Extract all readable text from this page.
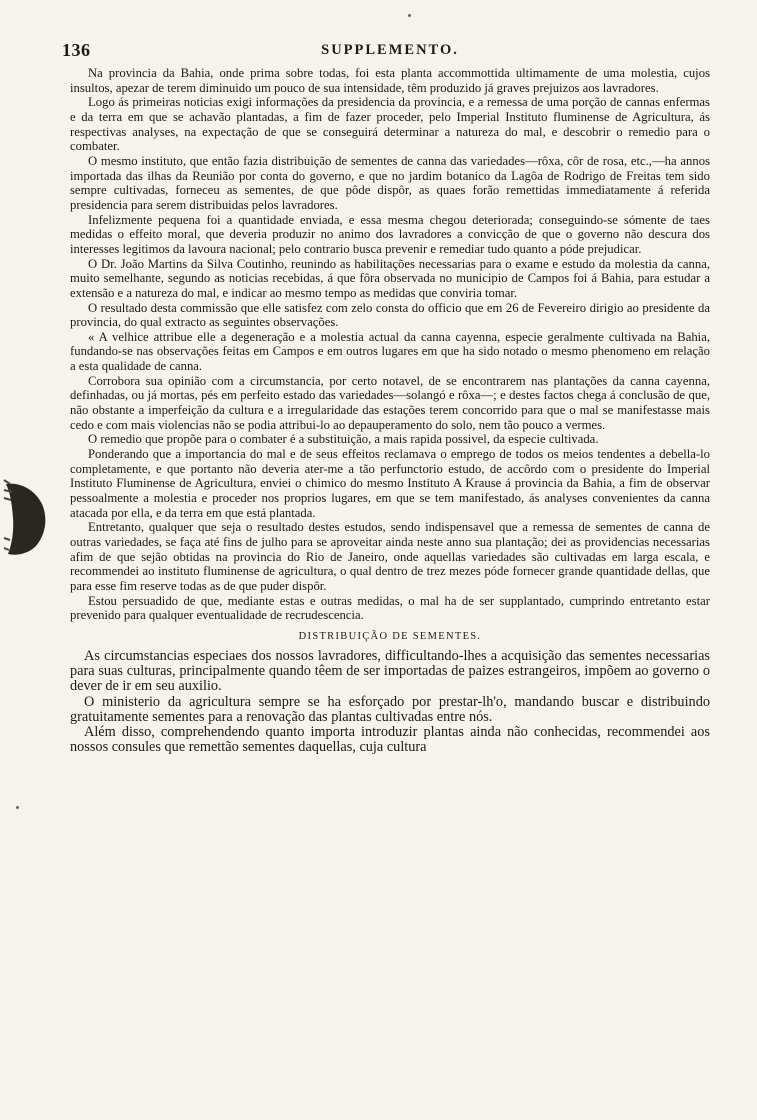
136	SUPPLEMENTO.

Na provincia da Bahia, onde prima sobre todas, foi esta planta accommottida ultimamente de uma molestia, cujos insultos, apezar de terem diminuido um pouco de sua intensidade, têm produzido já graves prejuizos aos lavradores.

Logo ás primeiras noticias exigi informações da presidencia da provincia, e a remessa de uma porção de cannas enfermas e da terra em que se achavão plantadas, a fim de fazer proceder, pelo Imperial Instituto fluminense de Agricultura, ás respectivas analyses, na expectação de que se conseguirá determinar a natureza do mal, e descobrir o remedio para o combater.

O mesmo instituto, que então fazia distribuição de sementes de canna das variedades—rôxa, côr de rosa, etc.,—ha annos importada das ilhas da Reunião por conta do governo, e que no jardim botanico da Lagôa de Rodrigo de Freitas tem sido sempre cultivadas, forneceu as sementes, de que pôde dispôr, as quaes forão remettidas immediatamente á referida presidencia para serem distribuidas pelos lavradores.

Infelizmente pequena foi a quantidade enviada, e essa mesma chegou deteriorada; conseguindo-se sómente de taes medidas o effeito moral, que deveria produzir no animo dos lavradores a convicção de que o governo não descura dos interesses legitimos da lavoura nacional; pelo contrario busca prevenir e remediar tudo quanto a póde prejudicar.

O Dr. João Martins da Silva Coutinho, reunindo as habilitações necessarias para o exame e estudo da molestia da canna, muito semelhante, segundo as noticias recebidas, á que fôra observada no municipio de Campos foi á Bahia, para estudar a extensão e a natureza do mal, e indicar ao mesmo tempo as medidas que conviria tomar.

O resultado desta commissão que elle satisfez com zelo consta do officio que em 26 de Fevereiro dirigio ao presidente da provincia, do qual extracto as seguintes observações.

« A velhice attribue elle a degeneração e a molestia actual da canna cayenna, especie geralmente cultivada na Bahia, fundando-se nas observações feitas em Campos e em outros lugares em que ha sido notado o mesmo phenomeno em relação a esta qualidade de canna.

Corrobora sua opinião com a circumstancia, por certo notavel, de se encontrarem nas plantações da canna cayenna, definhadas, ou já mortas, pés em perfeito estado das variedades—solangó e rôxa—; e destes factos chega á conclusão de que, não obstante a imperfeição da cultura e a irregularidade das estações terem concorrido para que o mal se manifestasse mais cedo e com mais violencias não se podia attribui-lo ao depauperamento do solo, nem tão pouco a vermes.

O remedio que propõe para o combater é a substituição, a mais rapida possivel, da especie cultivada.

Ponderando que a importancia do mal e de seus effeitos reclamava o emprego de todos os meios tendentes a debella-lo completamente, e que portanto não deveria ater-me a tão perfunctorio estudo, de accôrdo com o presidente do Imperial Instituto Fluminense de Agricultura, enviei o chimico do mesmo Instituto A Krause á provincia da Bahia, a fim de observar pessoalmente a molestia e proceder nos proprios lugares, em que se tem manifestado, ás analyses convenientes da canna atacada por ella, e da terra em que está plantada.

Entretanto, qualquer que seja o resultado destes estudos, sendo indispensavel que a remessa de sementes de canna de outras variedades, se faça até fins de julho para se aproveitar ainda neste anno sua plantação; dei as providencias necessarias afim de que sejão obtidas na provincia do Rio de Janeiro, onde aquellas variedades são cultivadas em larga escala, e recommendei ao instituto fluminense de agricultura, o qual dentro de trez mezes póde fornecer grande quantidade dellas, que para esse fim reserve todas as de que puder dispôr.

Estou persuadido de que, mediante estas e outras medidas, o mal ha de ser supplantado, cumprindo entretanto estar prevenido para qualquer eventualidade de recrudescencia.

DISTRIBUIÇÃO DE SEMENTES.

As circumstancias especiaes dos nossos lavradores, difficultando-lhes a acquisição das sementes necessarias para suas culturas, principalmente quando têem de ser importadas de paizes estrangeiros, impõem ao governo o dever de ir em seu auxilio.

O ministerio da agricultura sempre se ha esforçado por prestar-lh'o, mandando buscar e distribuindo gratuitamente sementes para a renovação das plantas cultivadas entre nós.

Além disso, comprehendendo quanto importa introduzir plantas ainda não conhecidas, recommendei aos nossos consules que remettão sementes daquellas, cuja cultura
